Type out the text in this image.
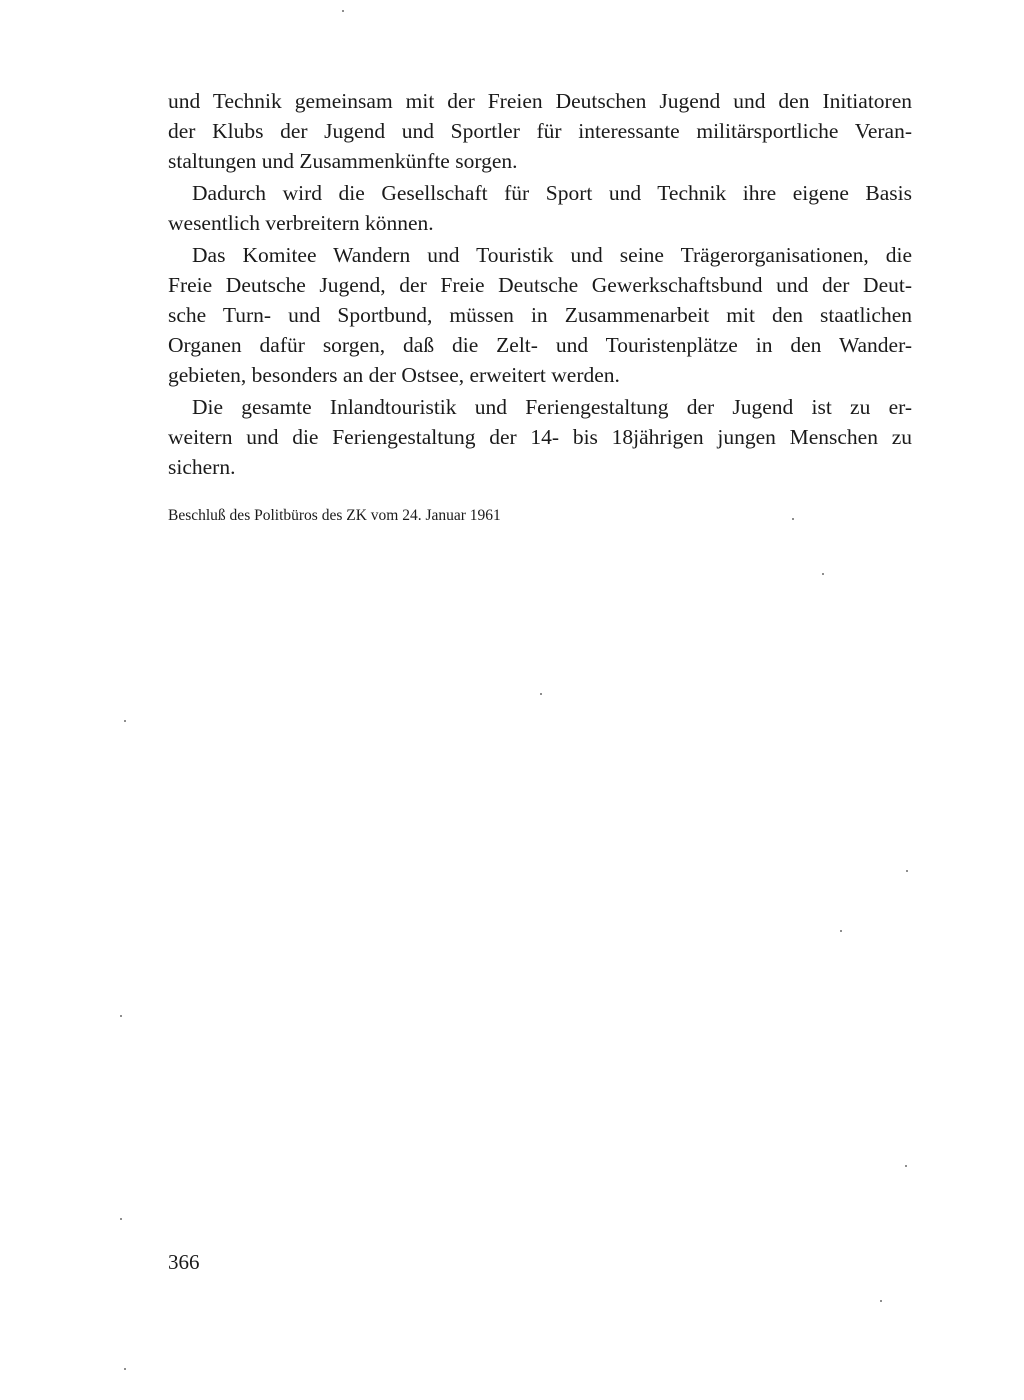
und Technik gemeinsam mit der Freien Deutschen Jugend und den Initiatoren
der Klubs der Jugend und Sportler für interessante militärsportliche Veran-
staltungen und Zusammenkünfte sorgen.
Dadurch wird die Gesellschaft für Sport und Technik ihre eigene Basis
wesentlich verbreitern können.
Das Komitee Wandern und Touristik und seine Trägerorganisationen, die
Freie Deutsche Jugend, der Freie Deutsche Gewerkschaftsbund und der Deut-
sche Turn- und Sportbund, müssen in Zusammenarbeit mit den staatlichen
Organen dafür sorgen, daß die Zelt- und Touristenplätze in den Wander-
gebieten, besonders an der Ostsee, erweitert werden.
Die gesamte Inlandtouristik und Feriengestaltung der Jugend ist zu er-
weitern und die Feriengestaltung der 14- bis 18jährigen jungen Menschen zu
sichern.
Beschluß des Politbüros des ZK vom 24. Januar 1961
366
